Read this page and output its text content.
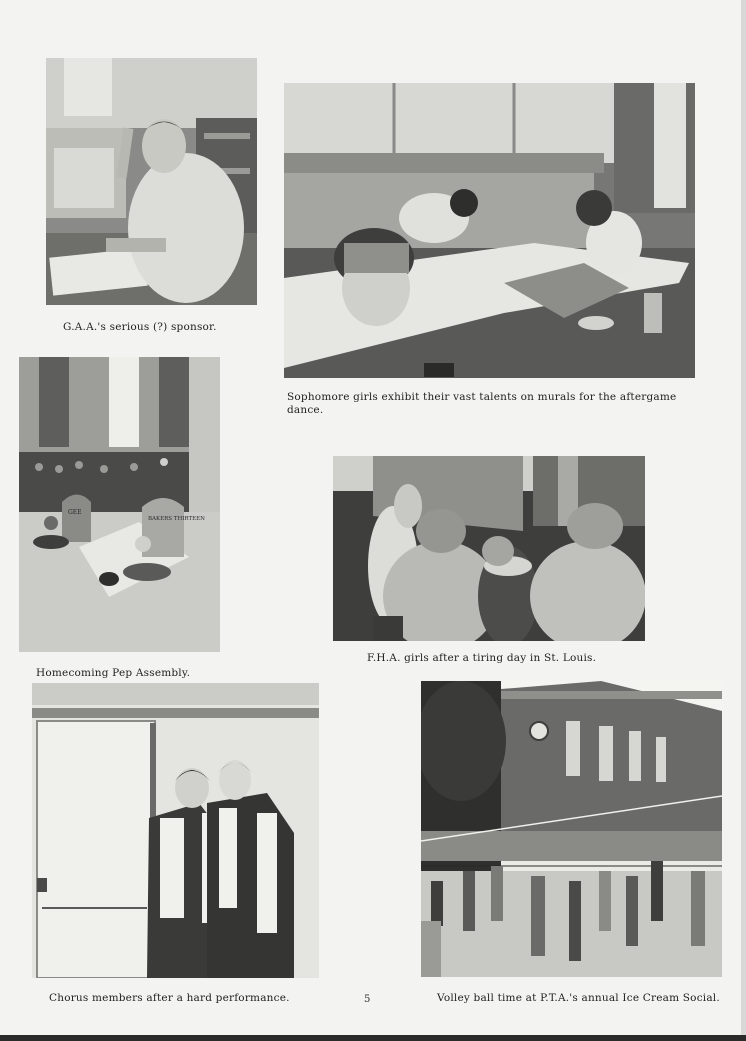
G.A.A.'s serious (?) sponsor.
Sophomore girls exhibit their vast talents on murals for the aftergame dance.
GEE
BAKERS THIRTEEN
Homecoming Pep Assembly.
F.H.A. girls after a tiring day in St. Louis.
Chorus members after a hard performance.	Volley ball time at P.T.A.'s annual Ice Cream Social.
5
